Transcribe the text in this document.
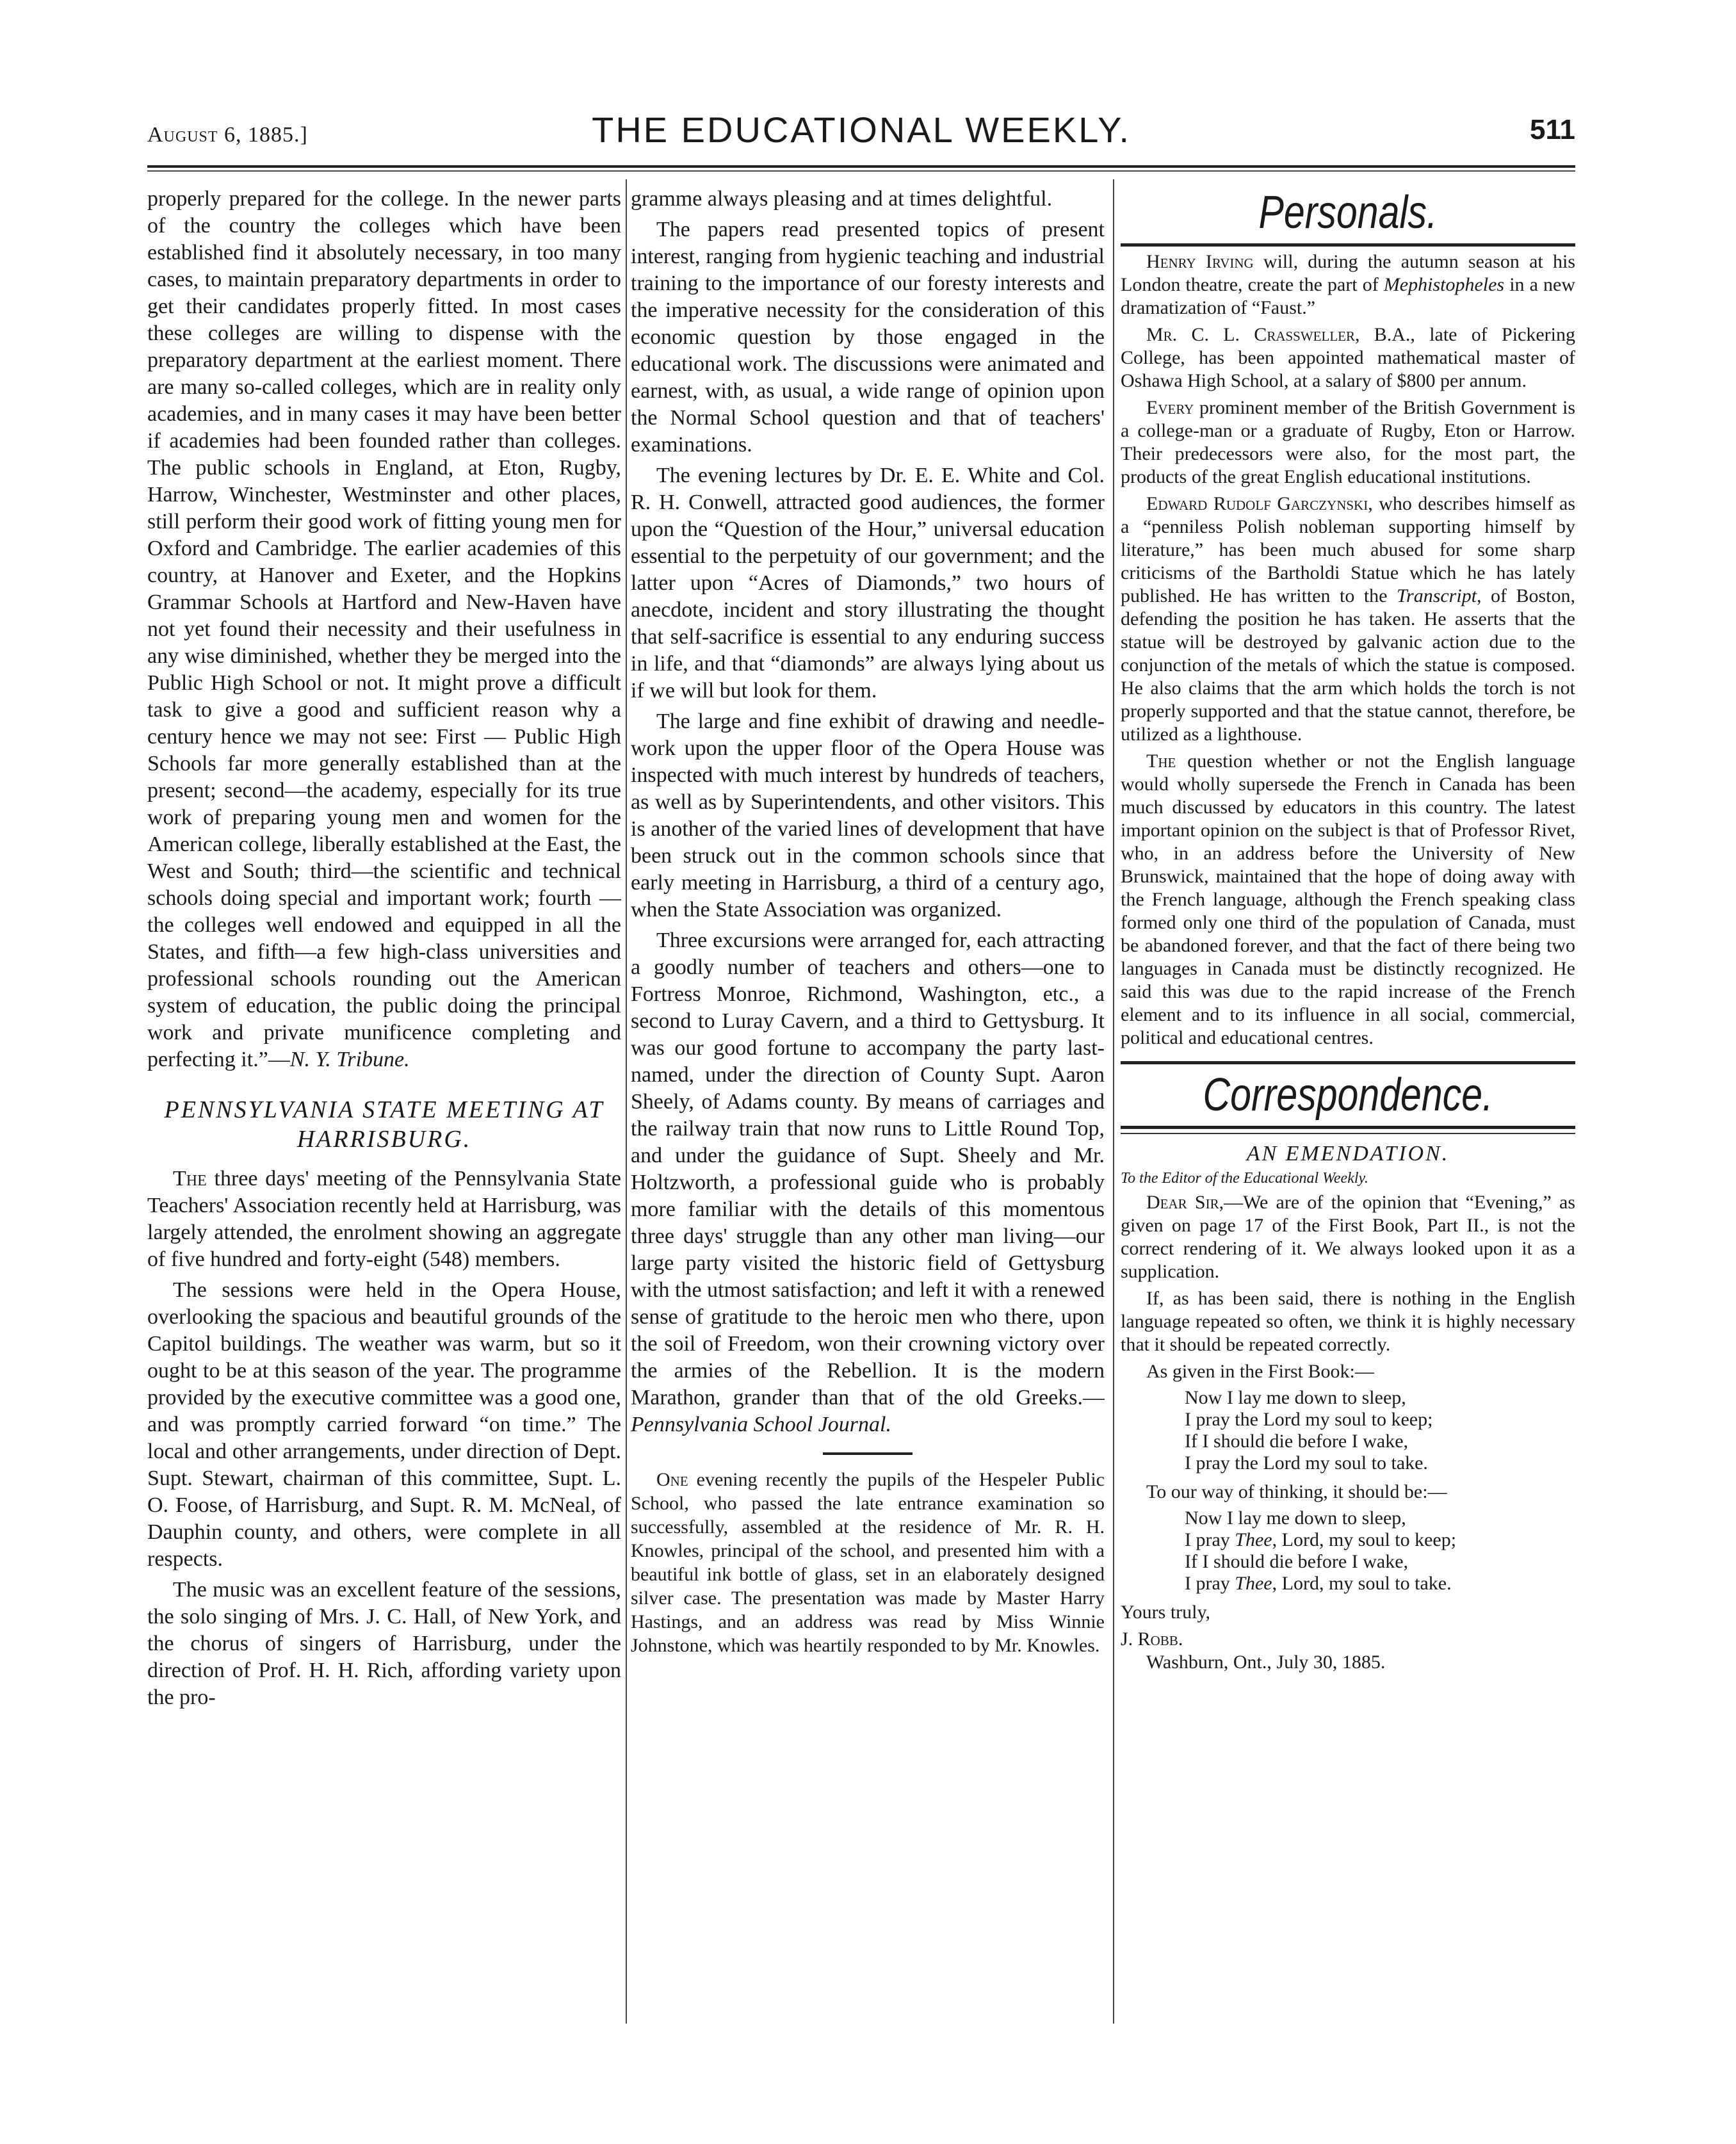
August 6, 1885.]	THE EDUCATIONAL WEEKLY.	511

properly prepared for the college. In the newer parts of the country the colleges which have been established find it absolutely necessary, in too many cases, to maintain preparatory departments in order to get their candidates properly fitted. In most cases these colleges are willing to dispense with the preparatory department at the earliest moment. There are many so-called colleges, which are in reality only academies, and in many cases it may have been better if academies had been founded rather than colleges. The public schools in England, at Eton, Rugby, Harrow, Winchester, Westminster and other places, still perform their good work of fitting young men for Oxford and Cambridge. The earlier academies of this country, at Hanover and Exeter, and the Hopkins Grammar Schools at Hartford and New-Haven have not yet found their necessity and their usefulness in any wise diminished, whether they be merged into the Public High School or not. It might prove a difficult task to give a good and sufficient reason why a century hence we may not see: First — Public High Schools far more generally established than at the present; second—the academy, especially for its true work of preparing young men and women for the American college, liberally established at the East, the West and South; third—the scientific and technical schools doing special and important work; fourth — the colleges well endowed and equipped in all the States, and fifth—a few high-class universities and professional schools rounding out the American system of education, the public doing the principal work and private munificence completing and perfecting it.”—N. Y. Tribune.

PENNSYLVANIA STATE MEETING AT HARRISBURG.

The three days' meeting of the Pennsylvania State Teachers' Association recently held at Harrisburg, was largely attended, the enrolment showing an aggregate of five hundred and forty-eight (548) members.

The sessions were held in the Opera House, overlooking the spacious and beautiful grounds of the Capitol buildings. The weather was warm, but so it ought to be at this season of the year. The programme provided by the executive committee was a good one, and was promptly carried forward “on time.” The local and other arrangements, under direction of Dept. Supt. Stewart, chairman of this committee, Supt. L. O. Foose, of Harrisburg, and Supt. R. M. McNeal, of Dauphin county, and others, were complete in all respects.

The music was an excellent feature of the sessions, the solo singing of Mrs. J. C. Hall, of New York, and the chorus of singers of Harrisburg, under the direction of Prof. H. H. Rich, affording variety upon the pro-

gramme always pleasing and at times delightful.

The papers read presented topics of present interest, ranging from hygienic teaching and industrial training to the importance of our foresty interests and the imperative necessity for the consideration of this economic question by those engaged in the educational work. The discussions were animated and earnest, with, as usual, a wide range of opinion upon the Normal School question and that of teachers' examinations.

The evening lectures by Dr. E. E. White and Col. R. H. Conwell, attracted good audiences, the former upon the “Question of the Hour,” universal education essential to the perpetuity of our government; and the latter upon “Acres of Diamonds,” two hours of anecdote, incident and story illustrating the thought that self-sacrifice is essential to any enduring success in life, and that “diamonds” are always lying about us if we will but look for them.

The large and fine exhibit of drawing and needle-work upon the upper floor of the Opera House was inspected with much interest by hundreds of teachers, as well as by Superintendents, and other visitors. This is another of the varied lines of development that have been struck out in the common schools since that early meeting in Harrisburg, a third of a century ago, when the State Association was organized.

Three excursions were arranged for, each attracting a goodly number of teachers and others—one to Fortress Monroe, Richmond, Washington, etc., a second to Luray Cavern, and a third to Gettysburg. It was our good fortune to accompany the party last-named, under the direction of County Supt. Aaron Sheely, of Adams county. By means of carriages and the railway train that now runs to Little Round Top, and under the guidance of Supt. Sheely and Mr. Holtzworth, a professional guide who is probably more familiar with the details of this momentous three days' struggle than any other man living—our large party visited the historic field of Gettysburg with the utmost satisfaction; and left it with a renewed sense of gratitude to the heroic men who there, upon the soil of Freedom, won their crowning victory over the armies of the Rebellion. It is the modern Marathon, grander than that of the old Greeks.—Pennsylvania School Journal.

One evening recently the pupils of the Hespeler Public School, who passed the late entrance examination so successfully, assembled at the residence of Mr. R. H. Knowles, principal of the school, and presented him with a beautiful ink bottle of glass, set in an elaborately designed silver case. The presentation was made by Master Harry Hastings, and an address was read by Miss Winnie Johnstone, which was heartily responded to by Mr. Knowles.

Personals.

Henry Irving will, during the autumn season at his London theatre, create the part of Mephistopheles in a new dramatization of “Faust.”

Mr. C. L. Crassweller, B.A., late of Pickering College, has been appointed mathematical master of Oshawa High School, at a salary of $800 per annum.

Every prominent member of the British Government is a college-man or a graduate of Rugby, Eton or Harrow. Their predecessors were also, for the most part, the products of the great English educational institutions.

Edward Rudolf Garczynski, who describes himself as a “penniless Polish nobleman supporting himself by literature,” has been much abused for some sharp criticisms of the Bartholdi Statue which he has lately published. He has written to the Transcript, of Boston, defending the position he has taken. He asserts that the statue will be destroyed by galvanic action due to the conjunction of the metals of which the statue is composed. He also claims that the arm which holds the torch is not properly supported and that the statue cannot, therefore, be utilized as a lighthouse.

The question whether or not the English language would wholly supersede the French in Canada has been much discussed by educators in this country. The latest important opinion on the subject is that of Professor Rivet, who, in an address before the University of New Brunswick, maintained that the hope of doing away with the French language, although the French speaking class formed only one third of the population of Canada, must be abandoned forever, and that the fact of there being two languages in Canada must be distinctly recognized. He said this was due to the rapid increase of the French element and to its influence in all social, commercial, political and educational centres.

Correspondence.
AN EMENDATION.
To the Editor of the Educational Weekly.

Dear Sir,—We are of the opinion that “Evening,” as given on page 17 of the First Book, Part II., is not the correct rendering of it. We always looked upon it as a supplication.

If, as has been said, there is nothing in the English language repeated so often, we think it is highly necessary that it should be repeated correctly.

As given in the First Book:—

Now I lay me down to sleep,
I pray the Lord my soul to keep;
If I should die before I wake,
I pray the Lord my soul to take.

To our way of thinking, it should be:—

Now I lay me down to sleep,
I pray Thee, Lord, my soul to keep;
If I should die before I wake,
I pray Thee, Lord, my soul to take.

Yours truly,

J. Robb.

Washburn, Ont., July 30, 1885.
